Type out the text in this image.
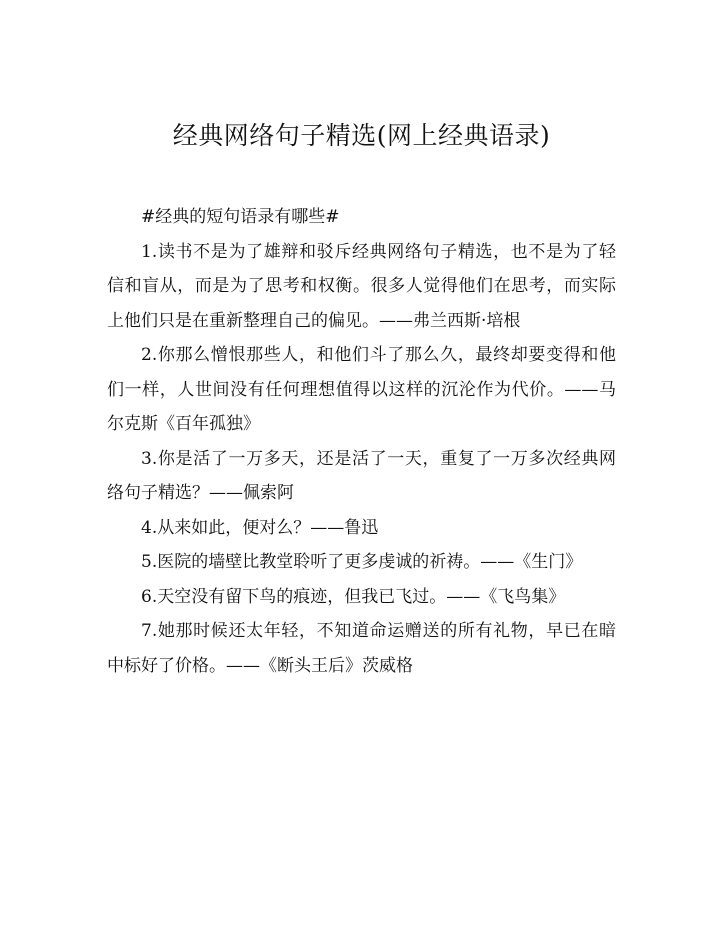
经典网络句子精选(网上经典语录)

#经典的短句语录有哪些#

1.读书不是为了雄辩和驳斥经典网络句子精选，也不是为了轻信和盲从，而是为了思考和权衡。很多人觉得他们在思考，而实际上他们只是在重新整理自己的偏见。——弗兰西斯·培根

2.你那么憎恨那些人，和他们斗了那么久，最终却要变得和他们一样，人世间没有任何理想值得以这样的沉沦作为代价。——马尔克斯《百年孤独》

3.你是活了一万多天，还是活了一天，重复了一万多次经典网络句子精选？——佩索阿

4.从来如此，便对么？——鲁迅

5.医院的墙壁比教堂聆听了更多虔诚的祈祷。——《生门》

6.天空没有留下鸟的痕迹，但我已飞过。——《飞鸟集》

7.她那时候还太年轻，不知道命运赠送的所有礼物，早已在暗中标好了价格。——《断头王后》茨威格
